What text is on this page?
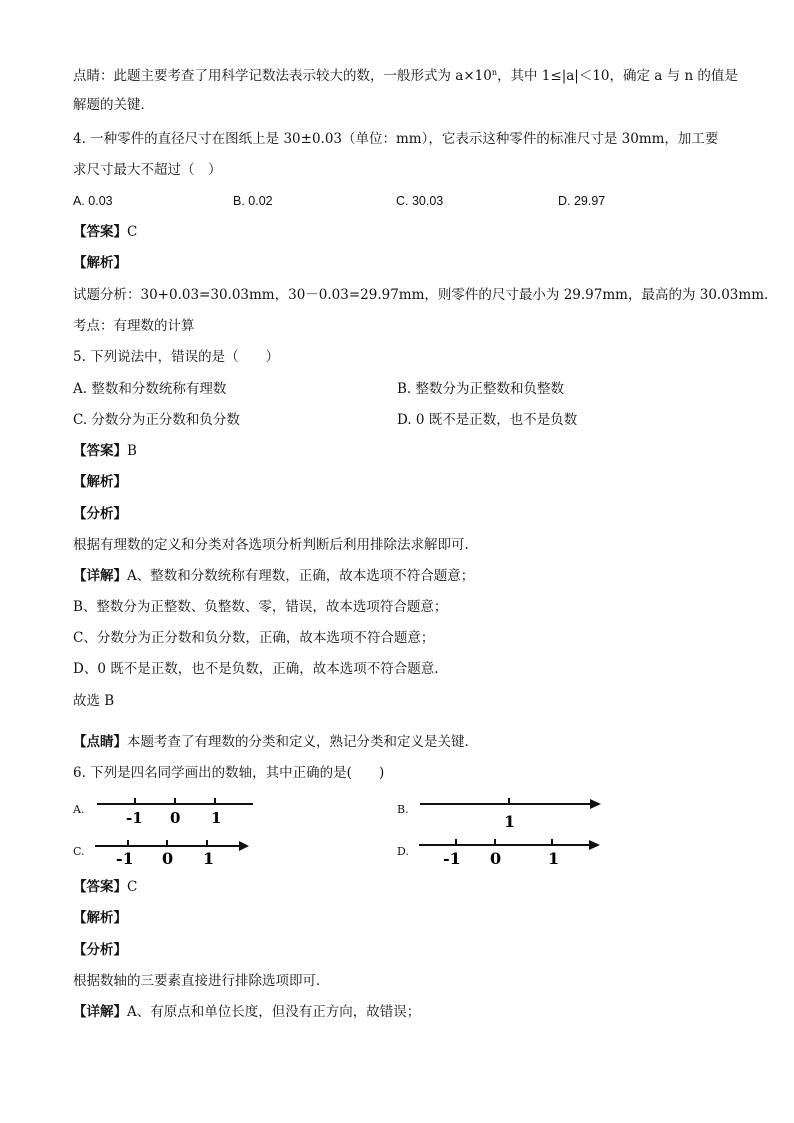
点睛：此题主要考查了用科学记数法表示较大的数，一般形式为 $a\times 10^n$，其中 1≤|a|＜10，确定 a 与 n 的值是
解题的关键．
4. 一种零件的直径尺寸在图纸上是 30±0.03（单位：mm），它表示这种零件的标准尺寸是 30mm，加工要
求尺寸最大不超过（　）
A. 0.03	B. 0.02	C. 30.03	D. 29.97
【答案】C
【解析】
试题分析：30+0.03=30.03mm，30－0.03=29.97mm，则零件的尺寸最小为 29.97mm，最高的为 30.03mm.
考点：有理数的计算
5. 下列说法中，错误的是（　　）
A. 整数和分数统称有理数	B. 整数分为正整数和负整数
C. 分数分为正分数和负分数	D. 0 既不是正数，也不是负数
【答案】B
【解析】
【分析】
根据有理数的定义和分类对各选项分析判断后利用排除法求解即可.
【详解】A、整数和分数统称有理数，正确，故本选项不符合题意；
B、整数分为正整数、负整数、零，错误，故本选项符合题意；
C、分数分为正分数和负分数，正确，故本选项不符合题意；
D、0 既不是正数，也不是负数，正确，故本选项不符合题意.
故选 B
【点睛】本题考查了有理数的分类和定义，熟记分类和定义是关键．
6. 下列是四名同学画出的数轴，其中正确的是(　　)
A.	-1 0 1	B.
1
C. -1 0 1	D. -1 0	1
【答案】C
【解析】
【分析】
根据数轴的三要素直接进行排除选项即可．
【详解】A、有原点和单位长度，但没有正方向，故错误；
